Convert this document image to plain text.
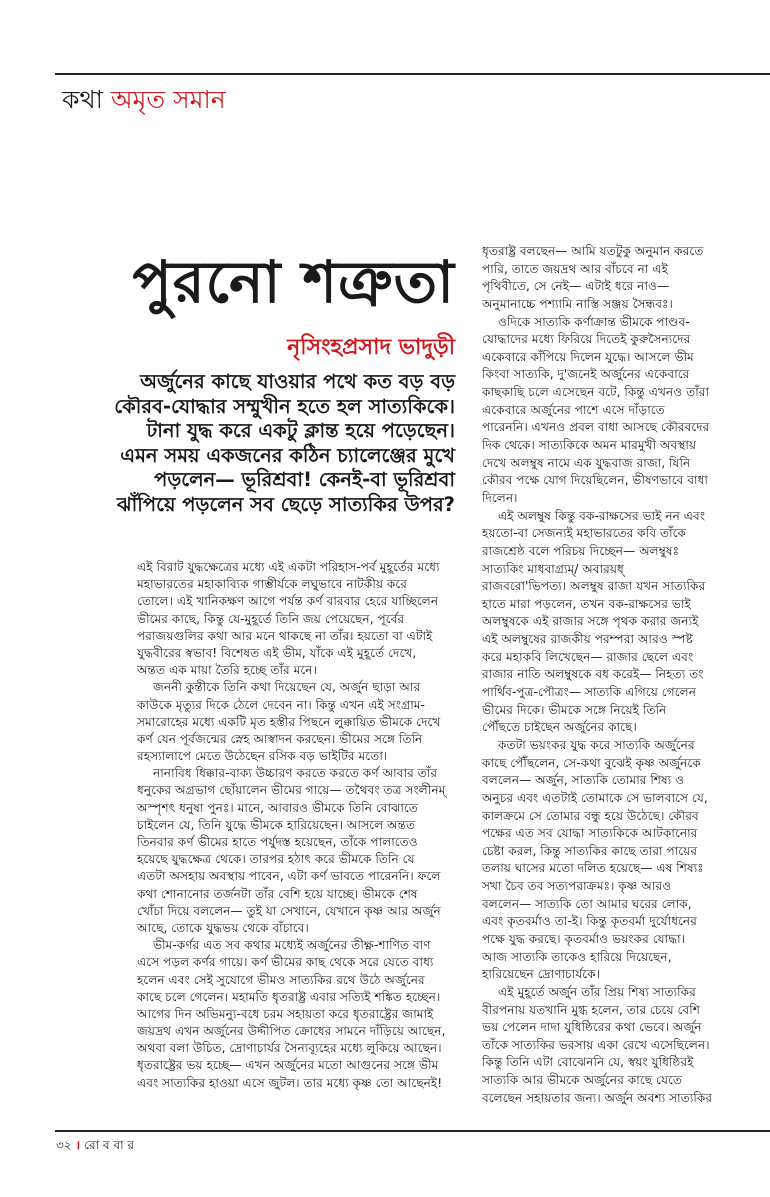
কথা অমৃত সমান
পুরনো শত্রুতা
নৃসিংহপ্রসাদ ভাদুড়ী
অর্জুনের কাছে যাওয়ার পথে কত বড় বড়
কৌরব-যোদ্ধার সম্মুখীন হতে হল সাত্যকিকে।
টানা যুদ্ধ করে একটু ক্লান্ত হয়ে পড়েছেন।
এমন সময় একজনের কঠিন চ্যালেঞ্জের মুখে
পড়লেন— ভূরিশ্রবা! কেনই-বা ভূরিশ্রবা
ঝাঁপিয়ে পড়লেন সব ছেড়ে সাত্যকির উপর?
এই বিরাট যুদ্ধক্ষেত্রের মধ্যে এই একটা পরিহাস-পর্ব মুহূর্তের মধ্যে
মহাভারতের মহাকাব্যিক গাম্ভীর্যকে লঘুভাবে নাটকীয় করে
তোলে। এই খানিকক্ষণ আগে পর্যন্ত কর্ণ বারবার হেরে যাচ্ছিলেন
ভীমের কাছে, কিন্তু যে-মুহূর্তে তিনি জয় পেয়েছেন, পূর্বের
পরাজয়গুলির কথা আর মনে থাকছে না তাঁর। হয়তো বা এটাই
যুদ্ধবীরের স্বভাব! বিশেষত এই ভীম, যাঁকে এই মুহূর্তে দেখে,
অন্তত এক মায়া তৈরি হচ্ছে তাঁর মনে।
জননী কুন্তীকে তিনি কথা দিয়েছেন যে, অর্জুন ছাড়া আর
কাউকে মৃত্যুর দিকে ঠেলে দেবেন না। কিন্তু এখন এই সংগ্রাম-
সমারোহের মধ্যে একটি মৃত হস্তীর পিছনে লুক্কায়িত ভীমকে দেখে
কর্ণ যেন পূর্বজন্মের স্নেহ আস্বাদন করছেন। ভীমের সঙ্গে তিনি
রহস্যালাপে মেতে উঠেছেন রসিক বড় ভাইটির মতো।
নানাবিধ ধিক্কার-বাক্য উচ্চারণ করতে করতে কর্ণ আবার তাঁর
ধনুকের অগ্রভাগ ছোঁয়ালেন ভীমের গায়ে— তথৈবং তত্র সংলীনম্
অস্পৃশৎ ধনুষা পুনঃ। মানে, আবারও ভীমকে তিনি বোঝাতে
চাইলেন যে, তিনি যুদ্ধে ভীমকে হারিয়েছেন। আসলে অন্তত
তিনবার কর্ণ ভীমের হাতে পর্যুদস্ত হয়েছেন, তাঁকে পালাতেও
হয়েছে যুদ্ধক্ষেত্র থেকে। তারপর হঠাৎ করে ভীমকে তিনি যে
এতটা অসহায় অবস্থায় পাবেন, এটা কর্ণ ভাবতে পারেননি। ফলে
কথা শোনানোর তর্জনটা তাঁর বেশি হয়ে যাচ্ছে। ভীমকে শেষ
খোঁচা দিয়ে বললেন— তুই যা সেখানে, যেখানে কৃষ্ণ আর অর্জুন
আছে, তোকে যুদ্ধভয় থেকে বাঁচাবে।
ভীম-কর্ণর এত সব কথার মধ্যেই অর্জুনের তীক্ষ্ণ-শাণিত বাণ
এসে পড়ল কর্ণর গায়ে। কর্ণ ভীমের কাছ থেকে সরে যেতে বাধ্য
হলেন এবং সেই সুযোগে ভীমও সাত্যকির রথে উঠে অর্জুনের
কাছে চলে গেলেন। মহামতি ধৃতরাষ্ট্র এবার সত্যিই শঙ্কিত হচ্ছেন।
আগের দিন অভিমন্যু-বধে চরম সহায়তা করে ধৃতরাষ্ট্রের জামাই
জয়দ্রথ এখন অর্জুনের উদ্দীপিত ক্রোধের সামনে দাঁড়িয়ে আছেন,
অথবা বলা উচিত, দ্রোণাচার্যর সৈন্যব্যূহের মধ্যে লুকিয়ে আছেন।
ধৃতরাষ্ট্রের ভয় হচ্ছে— এখন অর্জুনের মতো আগুনের সঙ্গে ভীম
এবং সাত্যকির হাওয়া এসে জুটল। তার মধ্যে কৃষ্ণ তো আছেনই!
ধৃতরাষ্ট্র বলছেন— আমি যতটুকু অনুমান করতে
পারি, তাতে জয়দ্রথ আর বাঁচবে না এই
পৃথিবীতে, সে নেই— এটাই ধরে নাও—
অনুমানাচ্চে পশ্যামি নাস্তি সঞ্জয় সৈন্ধবঃ।
ওদিকে সাত্যকি কর্ণাক্রান্ত ভীমকে পাণ্ডব-
যোদ্ধাদের মধ্যে ফিরিয়ে দিতেই কুরুসৈন্যদের
একেবারে কাঁপিয়ে দিলেন যুদ্ধে। আসলে ভীম
কিংবা সাত্যকি, দু'জনেই অর্জুনের একেবারে
কাছকাছি চলে এসেছেন বটে, কিন্তু এখনও তাঁরা
একেবারে অর্জুনের পাশে এসে দাঁড়াতে
পারেননি। এখনও প্রবল বাধা আসছে কৌরবদের
দিক থেকে। সাত্যকিকে অমন মারমুখী অবস্থায়
দেখে অলম্বুষ নামে এক যুদ্ধবাজ রাজা, যিনি
কৌরব পক্ষে যোগ দিয়েছিলেন, ভীষণভাবে বাধা
দিলেন।
এই অলম্বুষ কিন্তু বক-রাক্ষসের ভাই নন এবং
হয়তো-বা সেজন্যই মহাভারতের কবি তাঁকে
রাজশ্রেষ্ঠ বলে পরিচয় দিচ্ছেন— অলম্বুষঃ
সাত্যকিং মাধবাগ্র্যম্/ অবারয়ধ্
রাজবরো'ভিপত্য। অলম্বুষ রাজা যখন সাত্যকির
হাতে মারা পড়লেন, তখন বক-রাক্ষসের ভাই
অলম্বুষকে এই রাজার সঙ্গে পৃথক করার জন্যই
এই অলম্বুষের রাজকীয় পরম্পরা আরও স্পষ্ট
করে মহাকবি লিখেছেন— রাজার ছেলে এবং
রাজার নাতি অলম্বুষকে বধ করেই— নিহত্য তং
পার্থিব-পুত্র-পৌত্রং— সাত্যকি এগিয়ে গেলেন
ভীমের দিকে। ভীমকে সঙ্গে নিয়েই তিনি
পৌঁছতে চাইছেন অর্জুনের কাছে।
কতটা ভয়ংকর যুদ্ধ করে সাত্যকি অর্জুনের
কাছে পৌঁছলেন, সে-কথা বুঝেই কৃষ্ণ অর্জুনকে
বললেন— অর্জুন, সাত্যকি তোমার শিষ্য ও
অনুচর এবং এতটাই তোমাকে সে ভালবাসে যে,
কালক্রমে সে তোমার বন্ধু হয়ে উঠেছে। কৌরব
পক্ষের এত সব যোদ্ধা সাত্যকিকে আটকানোর
চেষ্টা করল, কিন্তু সাত্যকির কাছে তারা পায়ের
তলায় ঘাসের মতো দলিত হয়েছে— এষ শিষ্যঃ
সখা চৈব তব সত্যপরাক্রমঃ। কৃষ্ণ আরও
বললেন— সাত্যকি তো আমার ঘরের লোক,
এবং কৃতবর্মাও তা-ই। কিন্তু কৃতবর্মা দুর্যোধনের
পক্ষে যুদ্ধ করছে। কৃতবর্মাও ভয়ংকর যোদ্ধা।
আজ সাত্যকি তাকেও হারিয়ে দিয়েছেন,
হারিয়েছেন দ্রোণাচার্যকে।
এই মুহূর্তে অর্জুন তাঁর প্রিয় শিষ্য সাত্যকির
বীরপনায় যতখানি মুগ্ধ হলেন, তার চেয়ে বেশি
ভয় পেলেন দাদা যুধিষ্ঠিরের কথা ভেবে। অর্জুন
তাঁকে সাত্যকির ভরসায় একা রেখে এসেছিলেন।
কিন্তু তিনি এটা বোঝেননি যে, স্বয়ং যুধিষ্ঠিরই
সাত্যকি আর ভীমকে অর্জুনের কাছে যেতে
বলেছেন সহায়তার জন্য। অর্জুন অবশ্য সাত্যকির
৩২ । রো ব বা র
